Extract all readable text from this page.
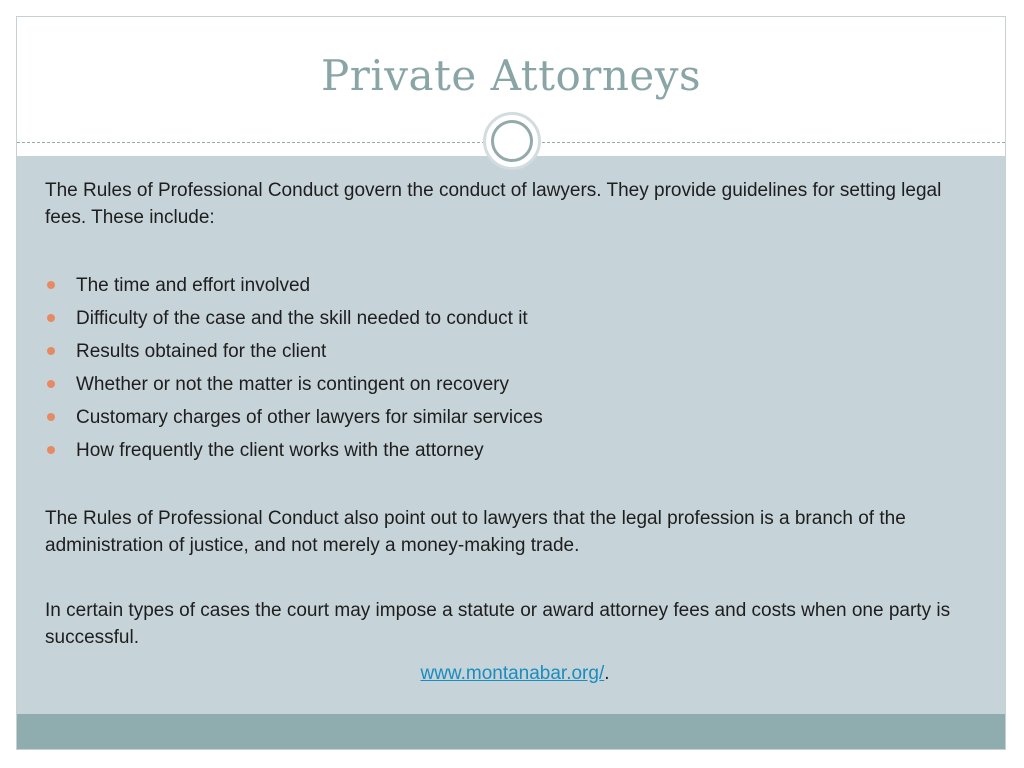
Private Attorneys

The Rules of Professional Conduct govern the conduct of lawyers. They provide guidelines for setting legal fees. These include:

The time and effort involved
Difficulty of the case and the skill needed to conduct it
Results obtained for the client
Whether or not the matter is contingent on recovery
Customary charges of other lawyers for similar services
How frequently the client works with the attorney

The Rules of Professional Conduct also point out to lawyers that the legal profession is a branch of the administration of justice, and not merely a money-making trade.

In certain types of cases the court may impose a statute or award attorney fees and costs when one party is successful.

www.montanabar.org/.
